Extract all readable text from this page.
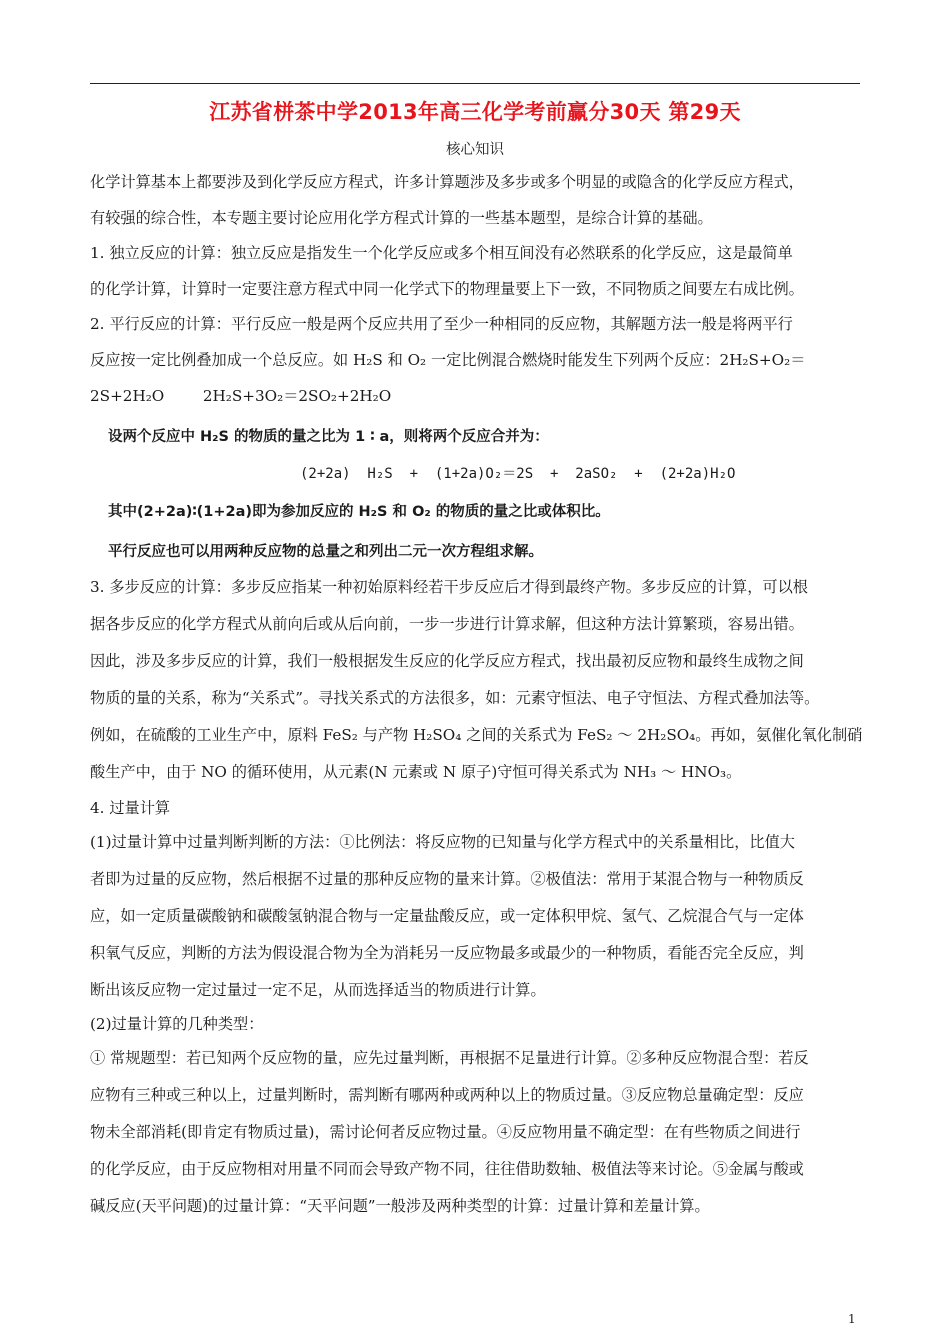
江苏省栟茶中学2013年高三化学考前赢分30天 第29天
核心知识
化学计算基本上都要涉及到化学反应方程式，许多计算题涉及多步或多个明显的或隐含的化学反应方程式，
有较强的综合性，本专题主要讨论应用化学方程式计算的一些基本题型，是综合计算的基础。
1. 独立反应的计算：独立反应是指发生一个化学反应或多个相互间没有必然联系的化学反应，这是最简单
的化学计算，计算时一定要注意方程式中同一化学式下的物理量要上下一致，不同物质之间要左右成比例。
2. 平行反应的计算：平行反应一般是两个反应共用了至少一种相同的反应物，其解题方法一般是将两平行
反应按一定比例叠加成一个总反应。如 H₂S 和 O₂ 一定比例混合燃烧时能发生下列两个反应：2H₂S+O₂＝
2S+2H₂O        2H₂S+3O₂＝2SO₂+2H₂O
设两个反应中 H₂S 的物质的量之比为 1 ∶ a，则将两个反应合并为：
(2+2a)  H₂S  +  (1+2a)O₂＝2S  +  2aSO₂  +  (2+2a)H₂O
其中(2+2a)∶(1+2a)即为参加反应的 H₂S 和 O₂ 的物质的量之比或体积比。
平行反应也可以用两种反应物的总量之和列出二元一次方程组求解。
3. 多步反应的计算：多步反应指某一种初始原料经若干步反应后才得到最终产物。多步反应的计算，可以根
据各步反应的化学方程式从前向后或从后向前，一步一步进行计算求解，但这种方法计算繁琐，容易出错。
因此，涉及多步反应的计算，我们一般根据发生反应的化学反应方程式，找出最初反应物和最终生成物之间
物质的量的关系，称为“关系式”。寻找关系式的方法很多，如：元素守恒法、电子守恒法、方程式叠加法等。
例如，在硫酸的工业生产中，原料 FeS₂ 与产物 H₂SO₄ 之间的关系式为 FeS₂ ～ 2H₂SO₄。再如，氨催化氧化制硝
酸生产中，由于 NO 的循环使用，从元素(N 元素或 N 原子)守恒可得关系式为 NH₃ ～ HNO₃。
4. 过量计算
(1)过量计算中过量判断判断的方法：①比例法：将反应物的已知量与化学方程式中的关系量相比，比值大
者即为过量的反应物，然后根据不过量的那种反应物的量来计算。②极值法：常用于某混合物与一种物质反
应，如一定质量碳酸钠和碳酸氢钠混合物与一定量盐酸反应，或一定体积甲烷、氢气、乙烷混合气与一定体
积氧气反应，判断的方法为假设混合物为全为消耗另一反应物最多或最少的一种物质，看能否完全反应，判
断出该反应物一定过量过一定不足，从而选择适当的物质进行计算。
(2)过量计算的几种类型：
① 常规题型：若已知两个反应物的量，应先过量判断，再根据不足量进行计算。②多种反应物混合型：若反
应物有三种或三种以上，过量判断时，需判断有哪两种或两种以上的物质过量。③反应物总量确定型：反应
物未全部消耗(即肯定有物质过量)，需讨论何者反应物过量。④反应物用量不确定型：在有些物质之间进行
的化学反应，由于反应物相对用量不同而会导致产物不同，往往借助数轴、极值法等来讨论。⑤金属与酸或
碱反应(天平问题)的过量计算：“天平问题”一般涉及两种类型的计算：过量计算和差量计算。
1
